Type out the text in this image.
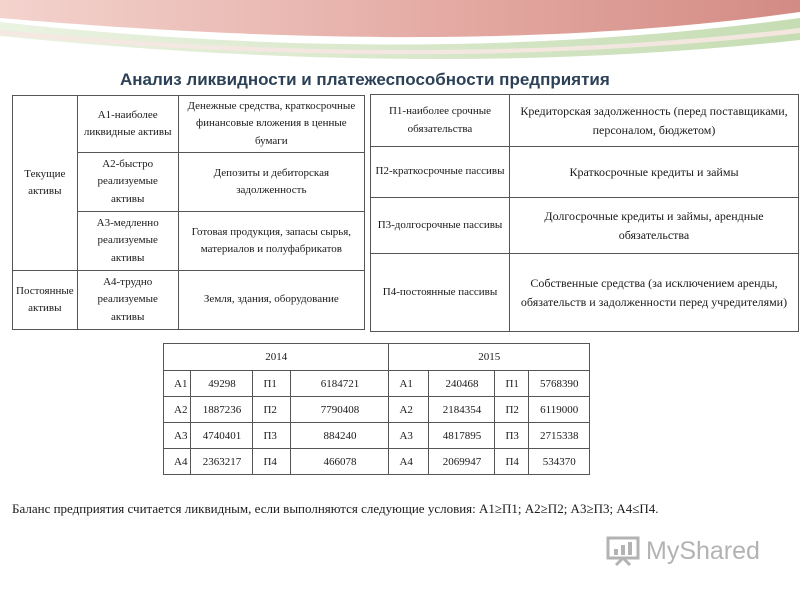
Анализ ликвидности и платежеспособности предприятия
Текущие активы	А1-наиболее ликвидные активы	Денежные средства, краткосрочные финансовые вложения в ценные бумаги
	А2-быстро реализуемые активы	Депозиты и дебиторская задолженность
	А3-медленно реализуемые активы	Готовая продукция, запасы сырья, материалов и полуфабрикатов
Постоянные активы	А4-трудно реализуемые активы	Земля, здания, оборудование
П1-наиболее срочные обязательства	Кредиторская задолженность (перед поставщиками, персоналом, бюджетом)
П2-краткосрочные пассивы	Краткосрочные кредиты и займы
П3-долгосрочные пассивы	Долгосрочные кредиты и займы, арендные обязательства
П4-постоянные пассивы	Собственные средства (за исключением аренды, обязательств и задолженности перед учредителями)
2014				2015			
А1	49298	П1	6184721	А1	240468	П1	5768390
А2	1887236	П2	7790408	А2	2184354	П2	6119000
А3	4740401	П3	884240	А3	4817895	П3	2715338
А4	2363217	П4	466078	А4	2069947	П4	534370
Баланс предприятия считается ликвидным, если выполняются следующие условия: А1≥П1; А2≥П2; А3≥П3; А4≤П4.
MyShared
